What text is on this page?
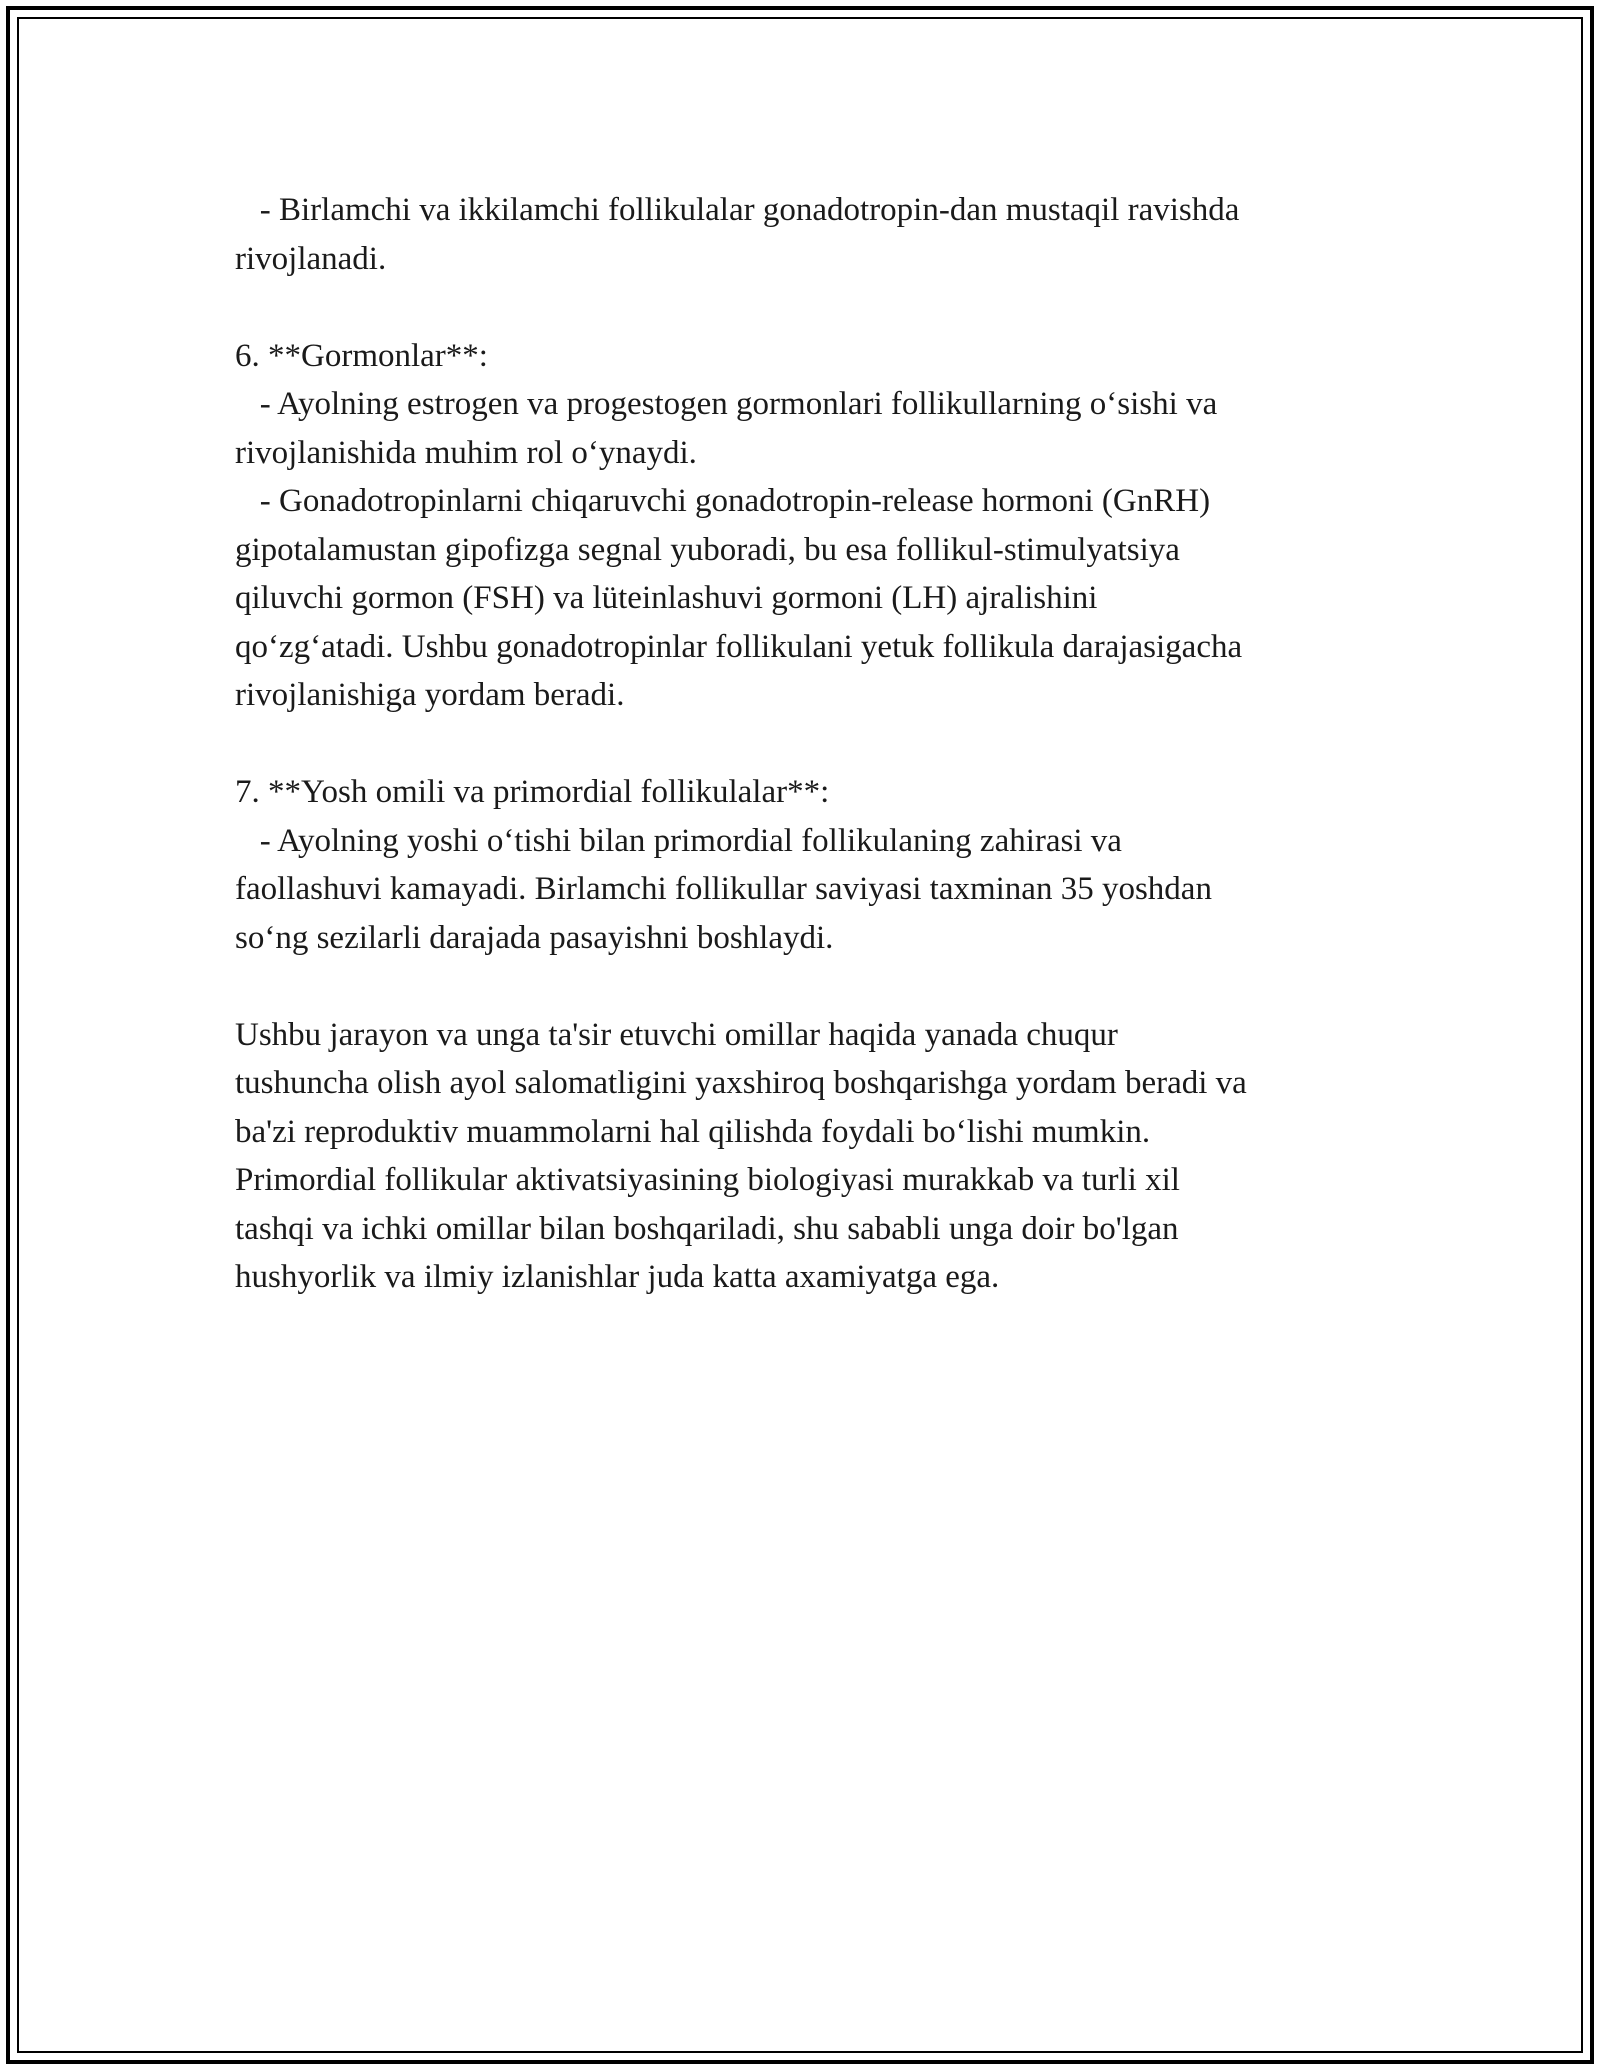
- Birlamchi va ikkilamchi follikulalar gonadotropin-dan mustaqil ravishda
rivojlanadi.
6. **Gormonlar**:
- Ayolning estrogen va progestogen gormonlari follikullarning o‘sishi va
rivojlanishida muhim rol o‘ynaydi.
- Gonadotropinlarni chiqaruvchi gonadotropin-release hormoni (GnRH)
gipotalamustan gipofizga segnal yuboradi, bu esa follikul-stimulyatsiya
qiluvchi gormon (FSH) va lüteinlashuvi gormoni (LH) ajralishini
qo‘zg‘atadi. Ushbu gonadotropinlar follikulani yetuk follikula darajasigacha
rivojlanishiga yordam beradi.
7. **Yosh omili va primordial follikulalar**:
- Ayolning yoshi o‘tishi bilan primordial follikulaning zahirasi va
faollashuvi kamayadi. Birlamchi follikullar saviyasi taxminan 35 yoshdan
so‘ng sezilarli darajada pasayishni boshlaydi.
Ushbu jarayon va unga ta'sir etuvchi omillar haqida yanada chuqur
tushuncha olish ayol salomatligini yaxshiroq boshqarishga yordam beradi va
ba'zi reproduktiv muammolarni hal qilishda foydali bo‘lishi mumkin.
Primordial follikular aktivatsiyasining biologiyasi murakkab va turli xil
tashqi va ichki omillar bilan boshqariladi, shu sababli unga doir bo'lgan
hushyorlik va ilmiy izlanishlar juda katta axamiyatga ega.
